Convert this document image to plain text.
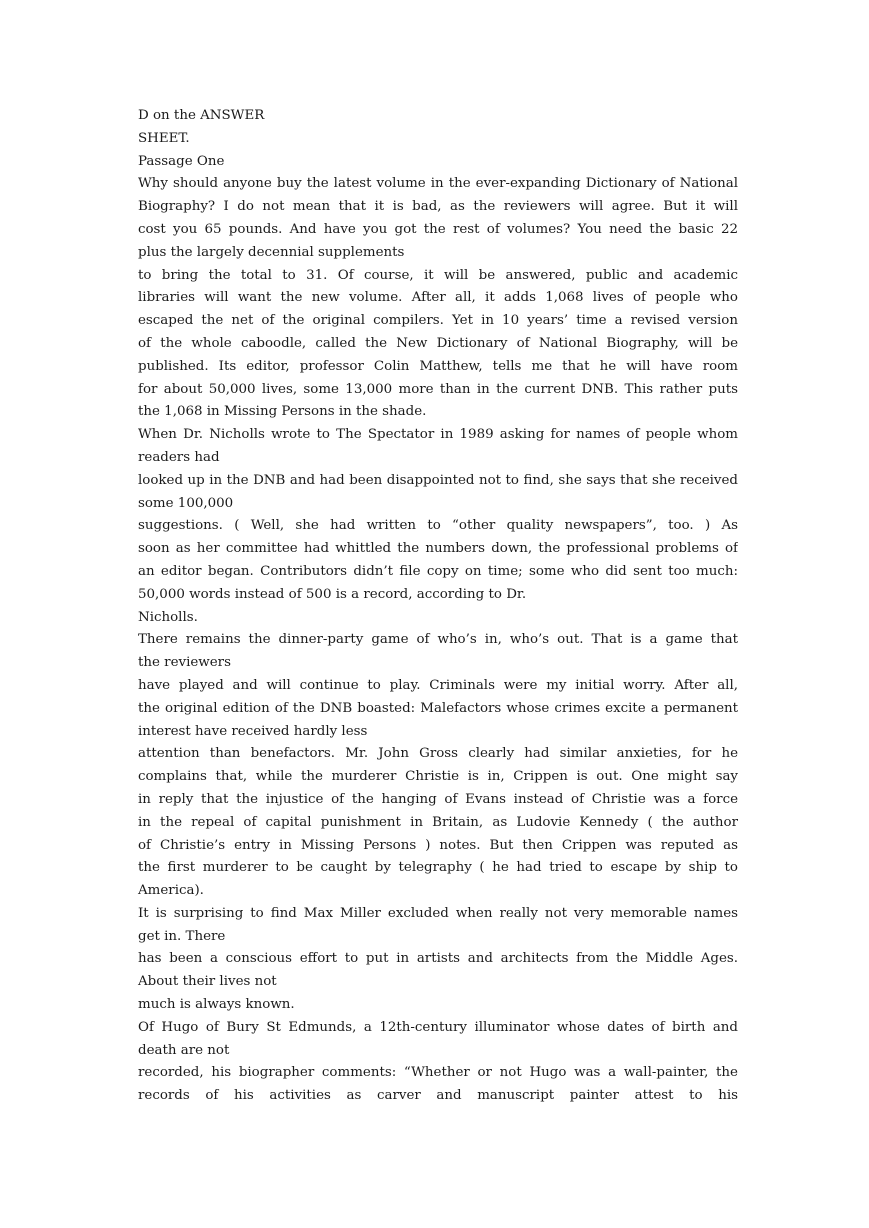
D on the ANSWER
SHEET.
Passage One
Why should anyone buy the latest volume in the ever-expanding Dictionary of National
Biography? I do not mean that it is bad, as the reviewers will agree. But it will
cost you 65 pounds. And have you got the rest of volumes? You need the basic 22
plus the largely decennial supplements
to bring the total to 31. Of course, it will be answered, public and academic
libraries will want the new volume. After all, it adds 1,068 lives of people who
escaped the net of the original compilers. Yet in 10 years’ time a revised version
of the whole caboodle, called the New Dictionary of National Biography, will be
published. Its editor, professor Colin Matthew, tells me that he will have room
for about 50,000 lives, some 13,000 more than in the current DNB. This rather puts
the 1,068 in Missing Persons in the shade.
When Dr. Nicholls wrote to The Spectator in 1989 asking for names of people whom
readers had
looked up in the DNB and had been disappointed not to find, she says that she received
some 100,000
suggestions. ( Well, she had written to “other quality newspapers”, too. ) As
soon as her committee had whittled the numbers down, the professional problems of
an editor began. Contributors didn’t file copy on time; some who did sent too much:
50,000 words instead of 500 is a record, according to Dr.
Nicholls.
There remains the dinner-party game of who’s in, who’s out. That is a game that
the reviewers
have played and will continue to play. Criminals were my initial worry. After all,
the original edition of the DNB boasted: Malefactors whose crimes excite a permanent
interest have received hardly less
attention than benefactors. Mr. John Gross clearly had similar anxieties, for he
complains that, while the murderer Christie is in, Crippen is out. One might say
in reply that the injustice of the hanging of Evans instead of Christie was a force
in the repeal of capital punishment in Britain, as Ludovie Kennedy ( the author
of Christie’s entry in Missing Persons ) notes. But then Crippen was reputed as
the first murderer to be caught by telegraphy ( he had tried to escape by ship to
America).
It is surprising to find Max Miller excluded when really not very memorable names
get in. There
has been a conscious effort to put in artists and architects from the Middle Ages.
About their lives not
much is always known.
Of Hugo of Bury St Edmunds, a 12th-century illuminator whose dates of birth and
death are not
recorded, his biographer comments: “Whether or not Hugo was a wall-painter, the
records of his activities as carver and manuscript painter attest to his
